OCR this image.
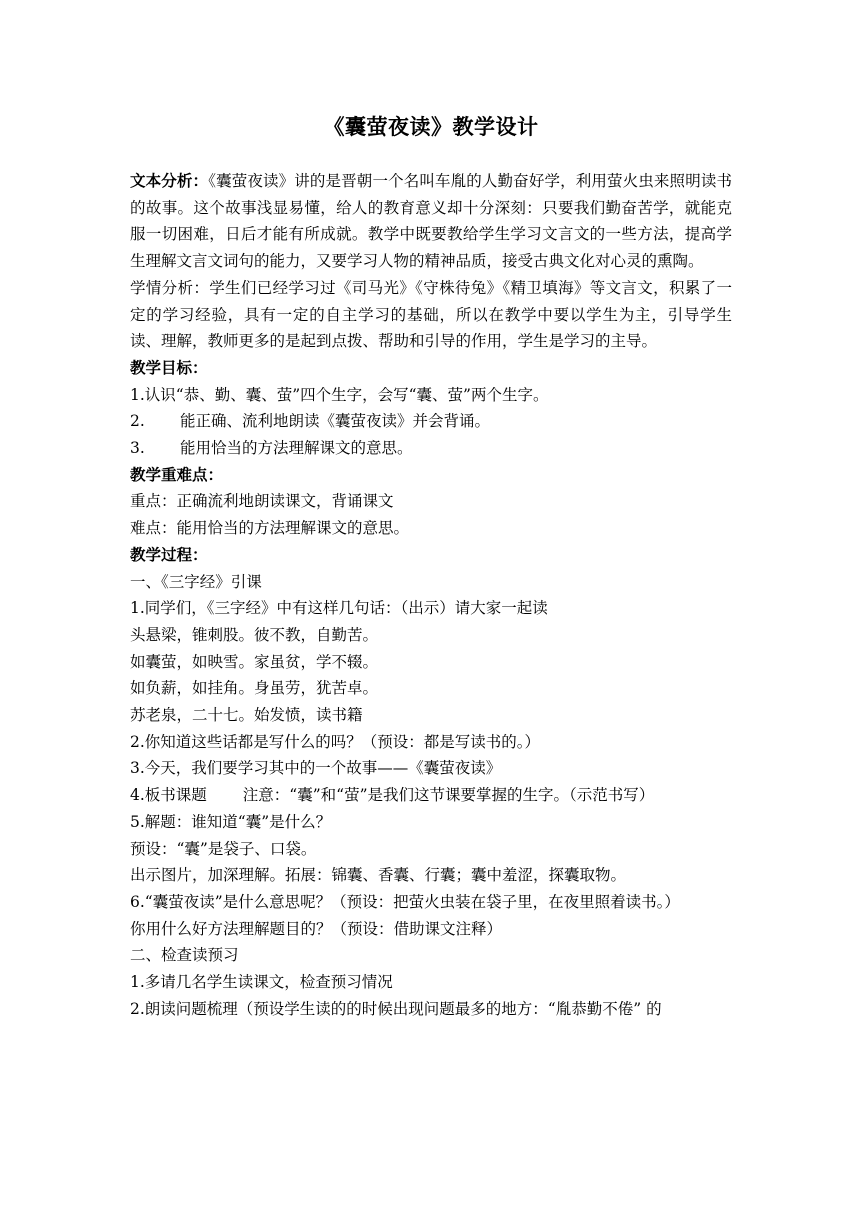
《囊萤夜读》教学设计

文本分析：《囊萤夜读》讲的是晋朝一个名叫车胤的人勤奋好学，利用萤火虫来照明读书的故事。这个故事浅显易懂，给人的教育意义却十分深刻：只要我们勤奋苦学，就能克服一切困难，日后才能有所成就。教学中既要教给学生学习文言文的一些方法，提高学生理解文言文词句的能力，又要学习人物的精神品质，接受古典文化对心灵的熏陶。

学情分析：学生们已经学习过《司马光》《守株待兔》《精卫填海》等文言文，积累了一定的学习经验，具有一定的自主学习的基础，所以在教学中要以学生为主，引导学生读、理解，教师更多的是起到点拨、帮助和引导的作用，学生是学习的主导。

教学目标：

1.认识“恭、勤、囊、萤”四个生字，会写“囊、萤”两个生字。

2. 能正确、流利地朗读《囊萤夜读》并会背诵。

3. 能用恰当的方法理解课文的意思。

教学重难点：

重点：正确流利地朗读课文，背诵课文

难点：能用恰当的方法理解课文的意思。

教学过程：

一、《三字经》引课

1.同学们，《三字经》中有这样几句话：（出示）请大家一起读

头悬梁，锥刺股。彼不教，自勤苦。

如囊萤，如映雪。家虽贫，学不辍。

如负薪，如挂角。身虽劳，犹苦卓。

苏老泉，二十七。始发愤，读书籍

2.你知道这些话都是写什么的吗？（预设：都是写读书的。）

3.今天，我们要学习其中的一个故事——《囊萤夜读》

4.板书课题 注意：“囊”和“萤”是我们这节课要掌握的生字。（示范书写）

5.解题：谁知道“囊”是什么？

预设：“囊”是袋子、口袋。

出示图片，加深理解。拓展：锦囊、香囊、行囊；囊中羞涩，探囊取物。

6.“囊萤夜读”是什么意思呢？（预设：把萤火虫装在袋子里，在夜里照着读书。）

你用什么好方法理解题目的？（预设：借助课文注释）

二、检查读预习

1.多请几名学生读课文，检查预习情况

2.朗读问题梳理（预设学生读的的时候出现问题最多的地方：“胤恭勤不倦” 的
